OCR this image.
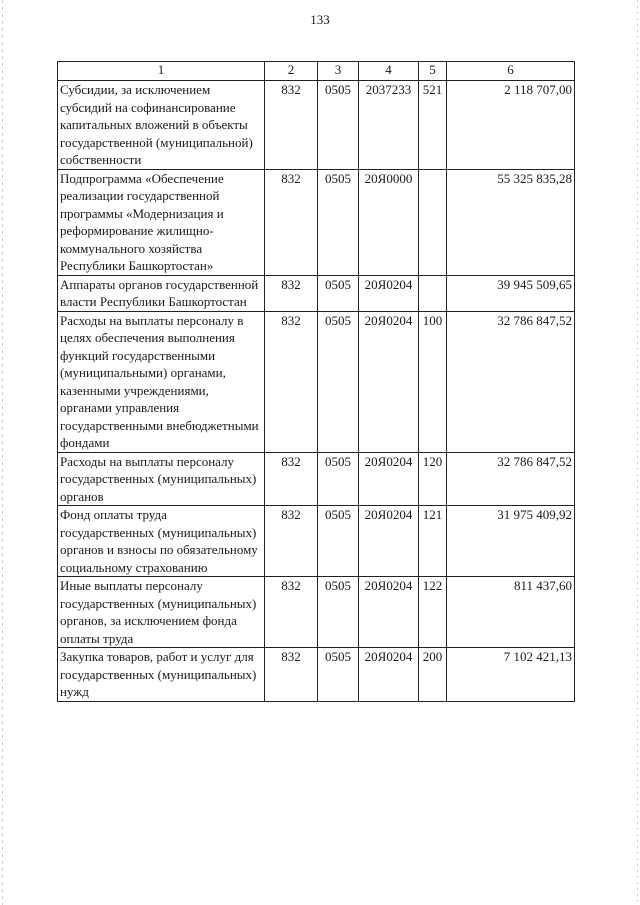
133
1	2	3	4	5	6
Субсидии, за исключением субсидий на софинансирование капитальных вложений в объекты государственной (муниципальной) собственности	832	0505	2037233	521	2 118 707,00
Подпрограмма «Обеспечение реализации государственной программы «Модернизация и реформирование жилищно-коммунального хозяйства Республики Башкортостан»	832	0505	20Я0000		55 325 835,28
Аппараты органов государственной власти Республики Башкортостан	832	0505	20Я0204		39 945 509,65
Расходы на выплаты персоналу в целях обеспечения выполнения функций государственными (муниципальными) органами, казенными учреждениями, органами управления государственными внебюджетными фондами	832	0505	20Я0204	100	32 786 847,52
Расходы на выплаты персоналу государственных (муниципальных) органов	832	0505	20Я0204	120	32 786 847,52
Фонд оплаты труда государственных (муниципальных) органов и взносы по обязательному социальному страхованию	832	0505	20Я0204	121	31 975 409,92
Иные выплаты персоналу государственных (муниципальных) органов, за исключением фонда оплаты труда	832	0505	20Я0204	122	811 437,60
Закупка товаров, работ и услуг для государственных (муниципальных) нужд	832	0505	20Я0204	200	7 102 421,13
